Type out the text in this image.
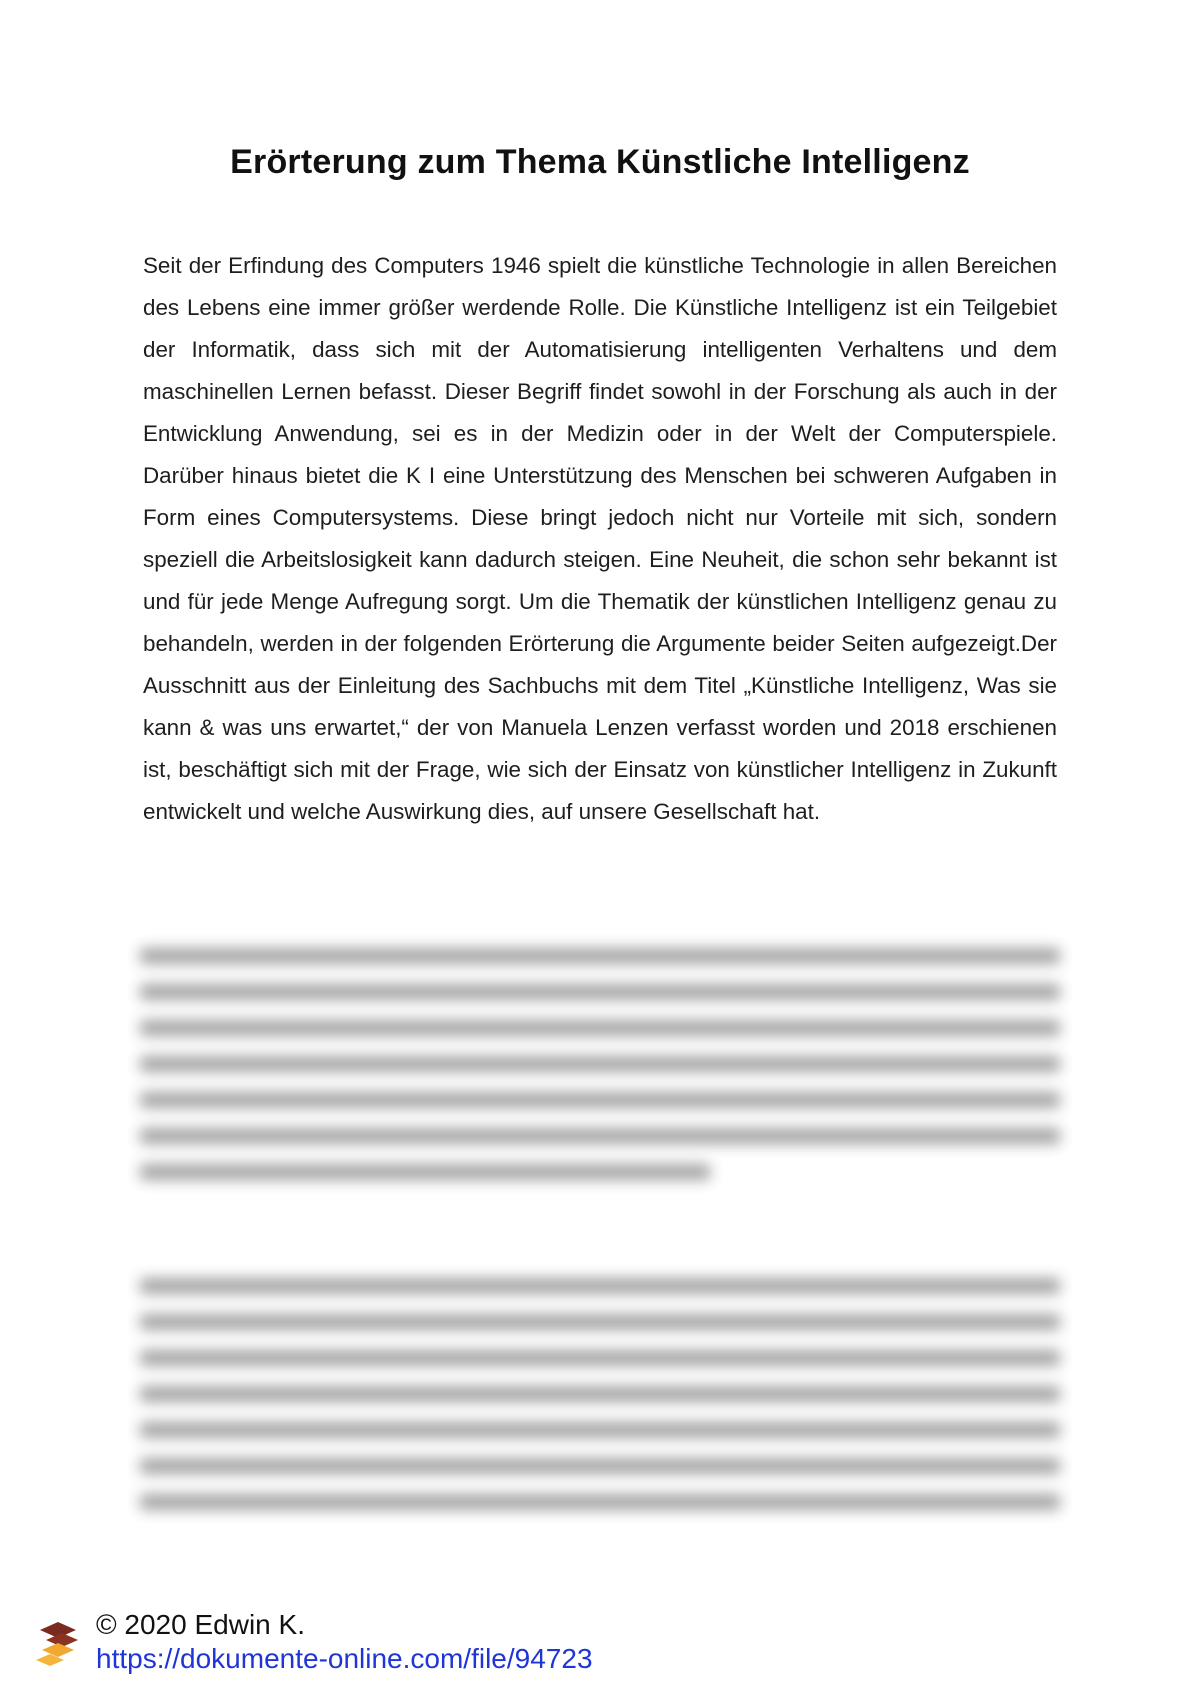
Erörterung zum Thema Künstliche Intelligenz

Seit der Erfindung des Computers 1946 spielt die künstliche Technologie in allen Bereichen des Lebens eine immer größer werdende Rolle. Die Künstliche Intelligenz ist ein Teilgebiet der Informatik, dass sich mit der Automatisierung intelligenten Verhaltens und dem maschinellen Lernen befasst. Dieser Begriff findet sowohl in der Forschung als auch in der Entwicklung Anwendung, sei es in der Medizin oder in der Welt der Computerspiele. Darüber hinaus bietet die K I eine Unterstützung des Menschen bei schweren Aufgaben in Form eines Computersystems. Diese bringt jedoch nicht nur Vorteile mit sich, sondern speziell die Arbeitslosigkeit kann dadurch steigen. Eine Neuheit, die schon sehr bekannt ist und für jede Menge Aufregung sorgt. Um die Thematik der künstlichen Intelligenz genau zu behandeln, werden in der folgenden Erörterung die Argumente beider Seiten aufgezeigt.Der Ausschnitt aus der Einleitung des Sachbuchs mit dem Titel „Künstliche Intelligenz, Was sie kann & was uns erwartet,“ der von Manuela Lenzen verfasst worden und 2018 erschienen ist, beschäftigt sich mit der Frage, wie sich der Einsatz von künstlicher Intelligenz in Zukunft entwickelt und welche Auswirkung dies, auf unsere Gesellschaft hat.

© 2020 Edwin K.
https://dokumente-online.com/file/94723
